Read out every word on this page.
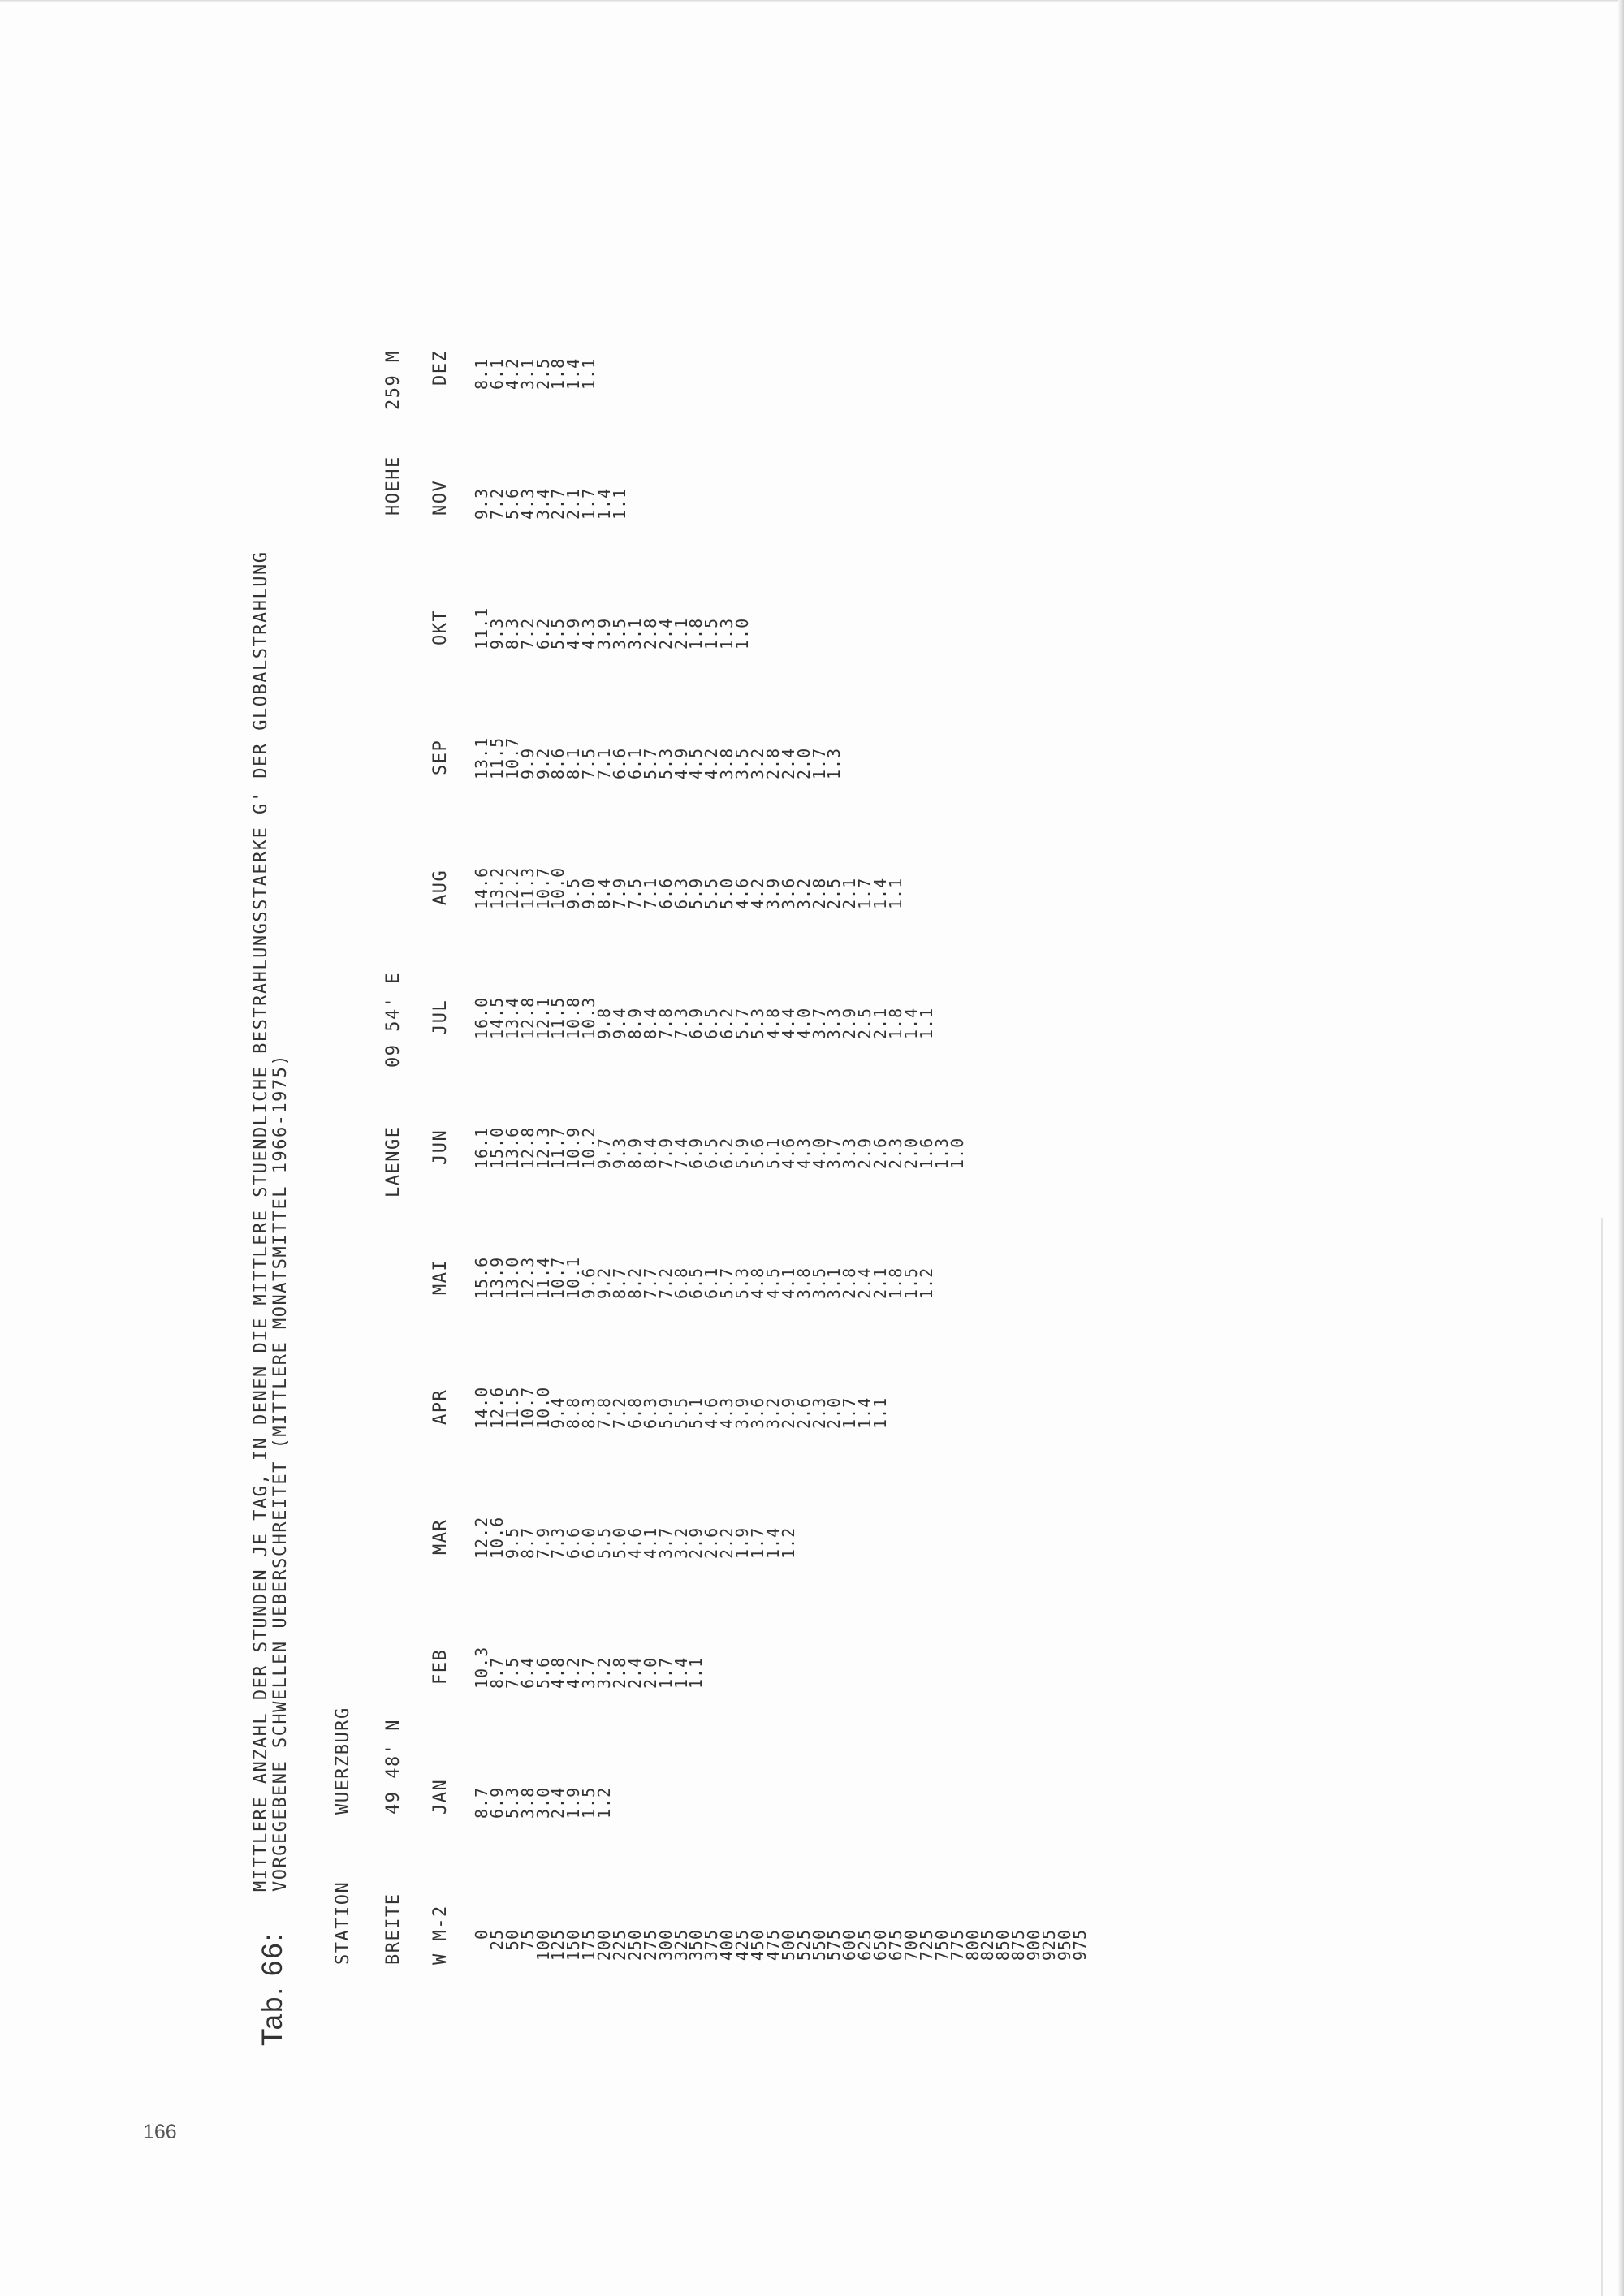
166
Tab. 66:
MITTLERE ANZAHL DER STUNDEN JE TAG, IN DENEN DIE MITTLERE STUENDLICHE BESTRAHLUNGSSTAERKE G' DER GLOBALSTRAHLUNG VORGEGEBENE SCHWELLEN UEBERSCHREITET (MITTLERE MONATSMITTEL 1966-1975)
STATION
WUERZBURG
BREITE
49 48' N
LAENGE
09 54' E
HOEHE
259 M
W M-2
JAN
FEB
MAR
APR
MAI
JUN
JUL
AUG
SEP
OKT
NOV
DEZ
0
25
50
75
100
125
150
175
200
225
250
275
300
325
350
375
400
425
450
475
500
525
550
575
600
625
650
675
700
725
750
775
800
825
850
875
900
925
950
975
8.7
6.9
5.3
3.8
3.0
2.4
1.9
1.5
1.2
10.3
8.7
7.5
6.4
5.6
4.8
4.2
3.7
3.2
2.8
2.4
2.0
1.7
1.4
1.1
12.2
10.6
9.5
8.7
7.9
7.3
6.6
6.0
5.5
5.0
4.6
4.1
3.7
3.2
2.9
2.6
2.2
1.9
1.7
1.4
1.2
14.0
12.6
11.5
10.7
10.0
9.4
8.8
8.3
7.8
7.2
6.8
6.3
5.9
5.5
5.1
4.6
4.3
3.9
3.6
3.2
2.9
2.6
2.3
2.0
1.7
1.4
1.1
15.6
13.9
13.0
12.3
11.4
10.7
10.1
9.6
9.2
8.7
8.2
7.7
7.2
6.8
6.5
6.1
5.7
5.3
4.8
4.5
4.1
3.8
3.5
3.1
2.8
2.4
2.1
1.8
1.5
1.2
16.1
15.0
13.6
12.8
12.3
11.7
10.9
10.2
9.7
9.3
8.9
8.4
7.9
7.4
6.9
6.5
6.2
5.9
5.6
5.1
4.6
4.3
4.0
3.7
3.3
2.9
2.6
2.3
2.0
1.6
1.3
1.0
16.0
14.5
13.4
12.8
12.1
11.5
10.8
10.3
9.8
9.4
8.9
8.4
7.8
7.3
6.9
6.5
6.2
5.7
5.3
4.8
4.4
4.0
3.7
3.3
2.9
2.5
2.1
1.8
1.4
1.1
14.6
13.2
12.2
11.3
10.7
10.0
9.5
9.0
8.4
7.9
7.5
7.1
6.6
6.3
5.9
5.5
5.0
4.6
4.2
3.9
3.6
3.2
2.8
2.5
2.1
1.7
1.4
1.1
13.1
11.5
10.7
9.9
9.2
8.6
8.1
7.5
7.1
6.6
6.1
5.7
5.3
4.9
4.5
4.2
3.8
3.5
3.2
2.8
2.4
2.0
1.7
1.3
11.1
9.3
8.3
7.2
6.2
5.5
4.9
4.3
3.9
3.5
3.1
2.8
2.4
2.1
1.8
1.5
1.3
1.0
9.3
7.2
5.6
4.3
3.4
2.7
2.1
1.7
1.4
1.1
8.1
6.1
4.2
3.1
2.5
1.8
1.4
1.1
